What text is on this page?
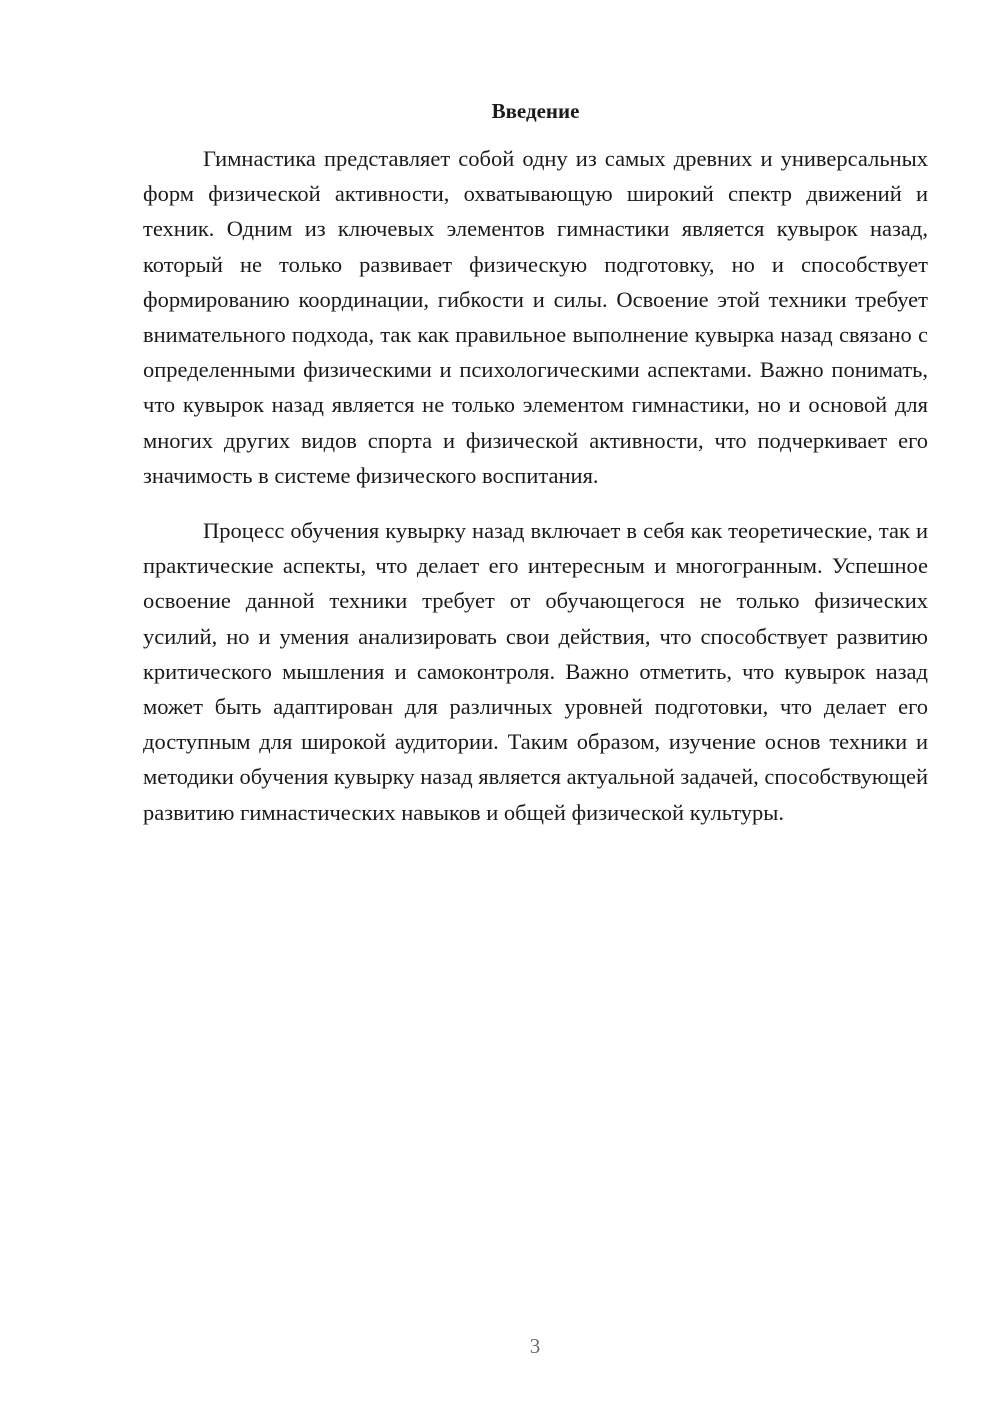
Введение

Гимнастика представляет собой одну из самых древних и универсальных форм физической активности, охватывающую широкий спектр движений и техник. Одним из ключевых элементов гимнастики является кувырок назад, который не только развивает физическую подготовку, но и способствует формированию координации, гибкости и силы. Освоение этой техники требует внимательного подхода, так как правильное выполнение кувырка назад связано с определенными физическими и психологическими аспектами. Важно понимать, что кувырок назад является не только элементом гимнастики, но и основой для многих других видов спорта и физической активности, что подчеркивает его значимость в системе физического воспитания.

Процесс обучения кувырку назад включает в себя как теоретические, так и практические аспекты, что делает его интересным и многогранным. Успешное освоение данной техники требует от обучающегося не только физических усилий, но и умения анализировать свои действия, что способствует развитию критического мышления и самоконтроля. Важно отметить, что кувырок назад может быть адаптирован для различных уровней подготовки, что делает его доступным для широкой аудитории. Таким образом, изучение основ техники и методики обучения кувырку назад является актуальной задачей, способствующей развитию гимнастических навыков и общей физической культуры.

3
